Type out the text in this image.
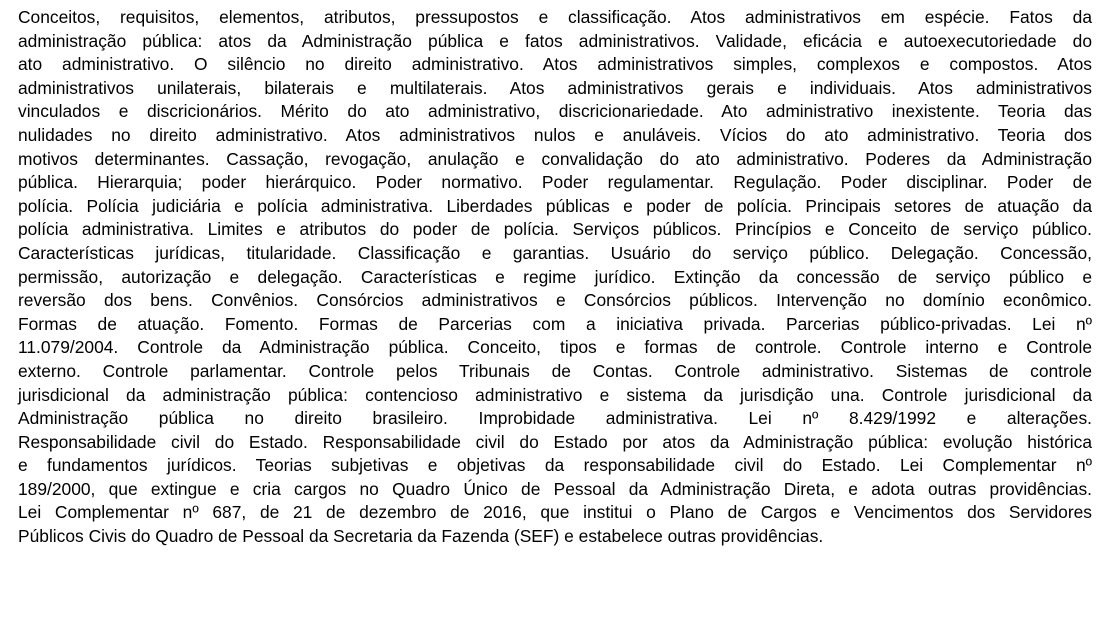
Conceitos, requisitos, elementos, atributos, pressupostos e classificação. Atos administrativos em espécie. Fatos da
administração pública: atos da Administração pública e fatos administrativos. Validade, eficácia e autoexecutoriedade do
ato administrativo. O silêncio no direito administrativo. Atos administrativos simples, complexos e compostos. Atos
administrativos unilaterais, bilaterais e multilaterais. Atos administrativos gerais e individuais. Atos administrativos
vinculados e discricionários. Mérito do ato administrativo, discricionariedade. Ato administrativo inexistente. Teoria das
nulidades no direito administrativo. Atos administrativos nulos e anuláveis. Vícios do ato administrativo. Teoria dos
motivos determinantes. Cassação, revogação, anulação e convalidação do ato administrativo. Poderes da Administração
pública. Hierarquia; poder hierárquico. Poder normativo. Poder regulamentar. Regulação. Poder disciplinar. Poder de
polícia. Polícia judiciária e polícia administrativa. Liberdades públicas e poder de polícia. Principais setores de atuação da
polícia administrativa. Limites e atributos do poder de polícia. Serviços públicos. Princípios e Conceito de serviço público.
Características jurídicas, titularidade. Classificação e garantias. Usuário do serviço público. Delegação. Concessão,
permissão, autorização e delegação. Características e regime jurídico. Extinção da concessão de serviço público e
reversão dos bens. Convênios. Consórcios administrativos e Consórcios públicos. Intervenção no domínio econômico.
Formas de atuação. Fomento. Formas de Parcerias com a iniciativa privada. Parcerias público-privadas. Lei nº
11.079/2004. Controle da Administração pública. Conceito, tipos e formas de controle. Controle interno e Controle
externo. Controle parlamentar. Controle pelos Tribunais de Contas. Controle administrativo. Sistemas de controle
jurisdicional da administração pública: contencioso administrativo e sistema da jurisdição una. Controle jurisdicional da
Administração pública no direito brasileiro. Improbidade administrativa. Lei nº 8.429/1992 e alterações.
Responsabilidade civil do Estado. Responsabilidade civil do Estado por atos da Administração pública: evolução histórica
e fundamentos jurídicos. Teorias subjetivas e objetivas da responsabilidade civil do Estado. Lei Complementar nº
189/2000, que extingue e cria cargos no Quadro Único de Pessoal da Administração Direta, e adota outras providências.
Lei Complementar nº 687, de 21 de dezembro de 2016, que institui o Plano de Cargos e Vencimentos dos Servidores
Públicos Civis do Quadro de Pessoal da Secretaria da Fazenda (SEF) e estabelece outras providências.
